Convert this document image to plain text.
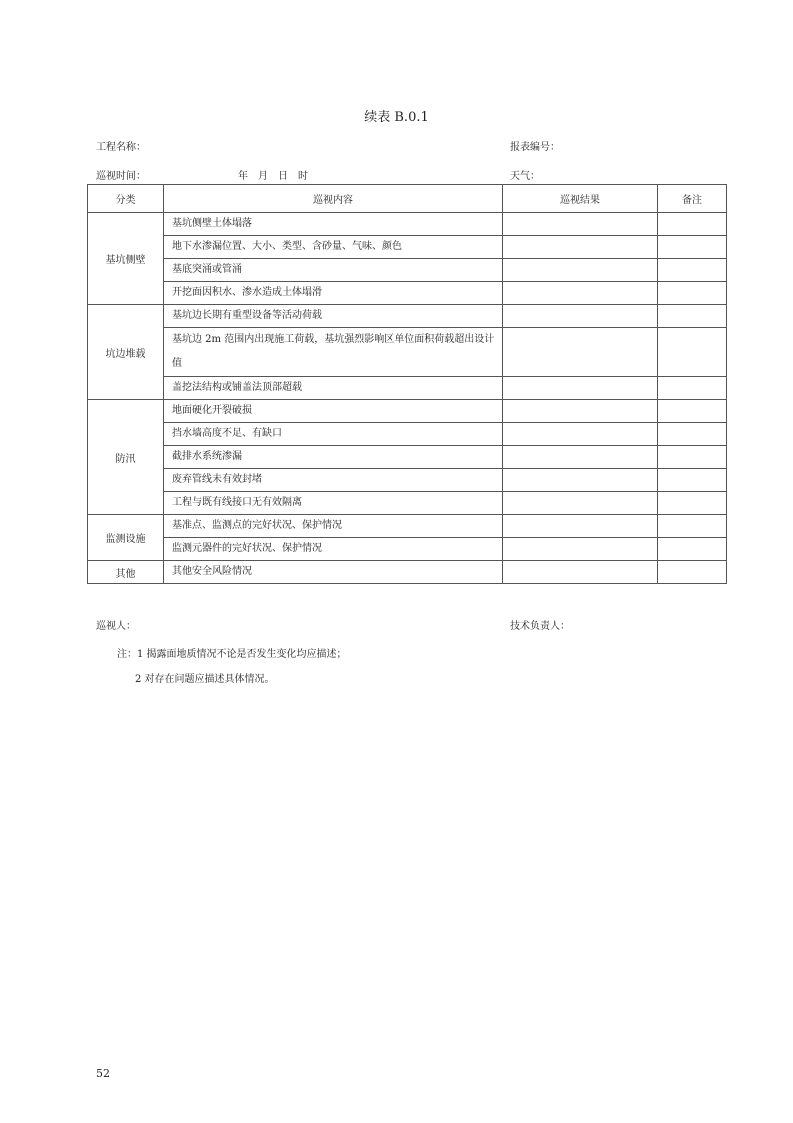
续表 B.0.1
工程名称：	报表编号：
巡视时间：	年　月　日　时	天气：
分类	巡视内容	巡视结果	备注
基坑侧壁	基坑侧壁土体塌落		
	地下水渗漏位置、大小、类型、含砂量、气味、颜色		
	基底突涌或管涌		
	开挖面因积水、渗水造成土体塌滑		
坑边堆载	基坑边长期有重型设备等活动荷载		
	基坑边 2m 范围内出现施工荷载，基坑强烈影响区单位面积荷载超出设计值		
	盖挖法结构或铺盖法顶部超载		
防汛	地面硬化开裂破损		
	挡水墙高度不足、有缺口		
	截排水系统渗漏		
	废弃管线未有效封堵		
	工程与既有线接口无有效隔离		
监测设施	基准点、监测点的完好状况、保护情况		
	监测元器件的完好状况、保护情况		
其他	其他安全风险情况		
巡视人：	技术负责人：
注：1 揭露面地质情况不论是否发生变化均应描述；
2 对存在问题应描述具体情况。
52
